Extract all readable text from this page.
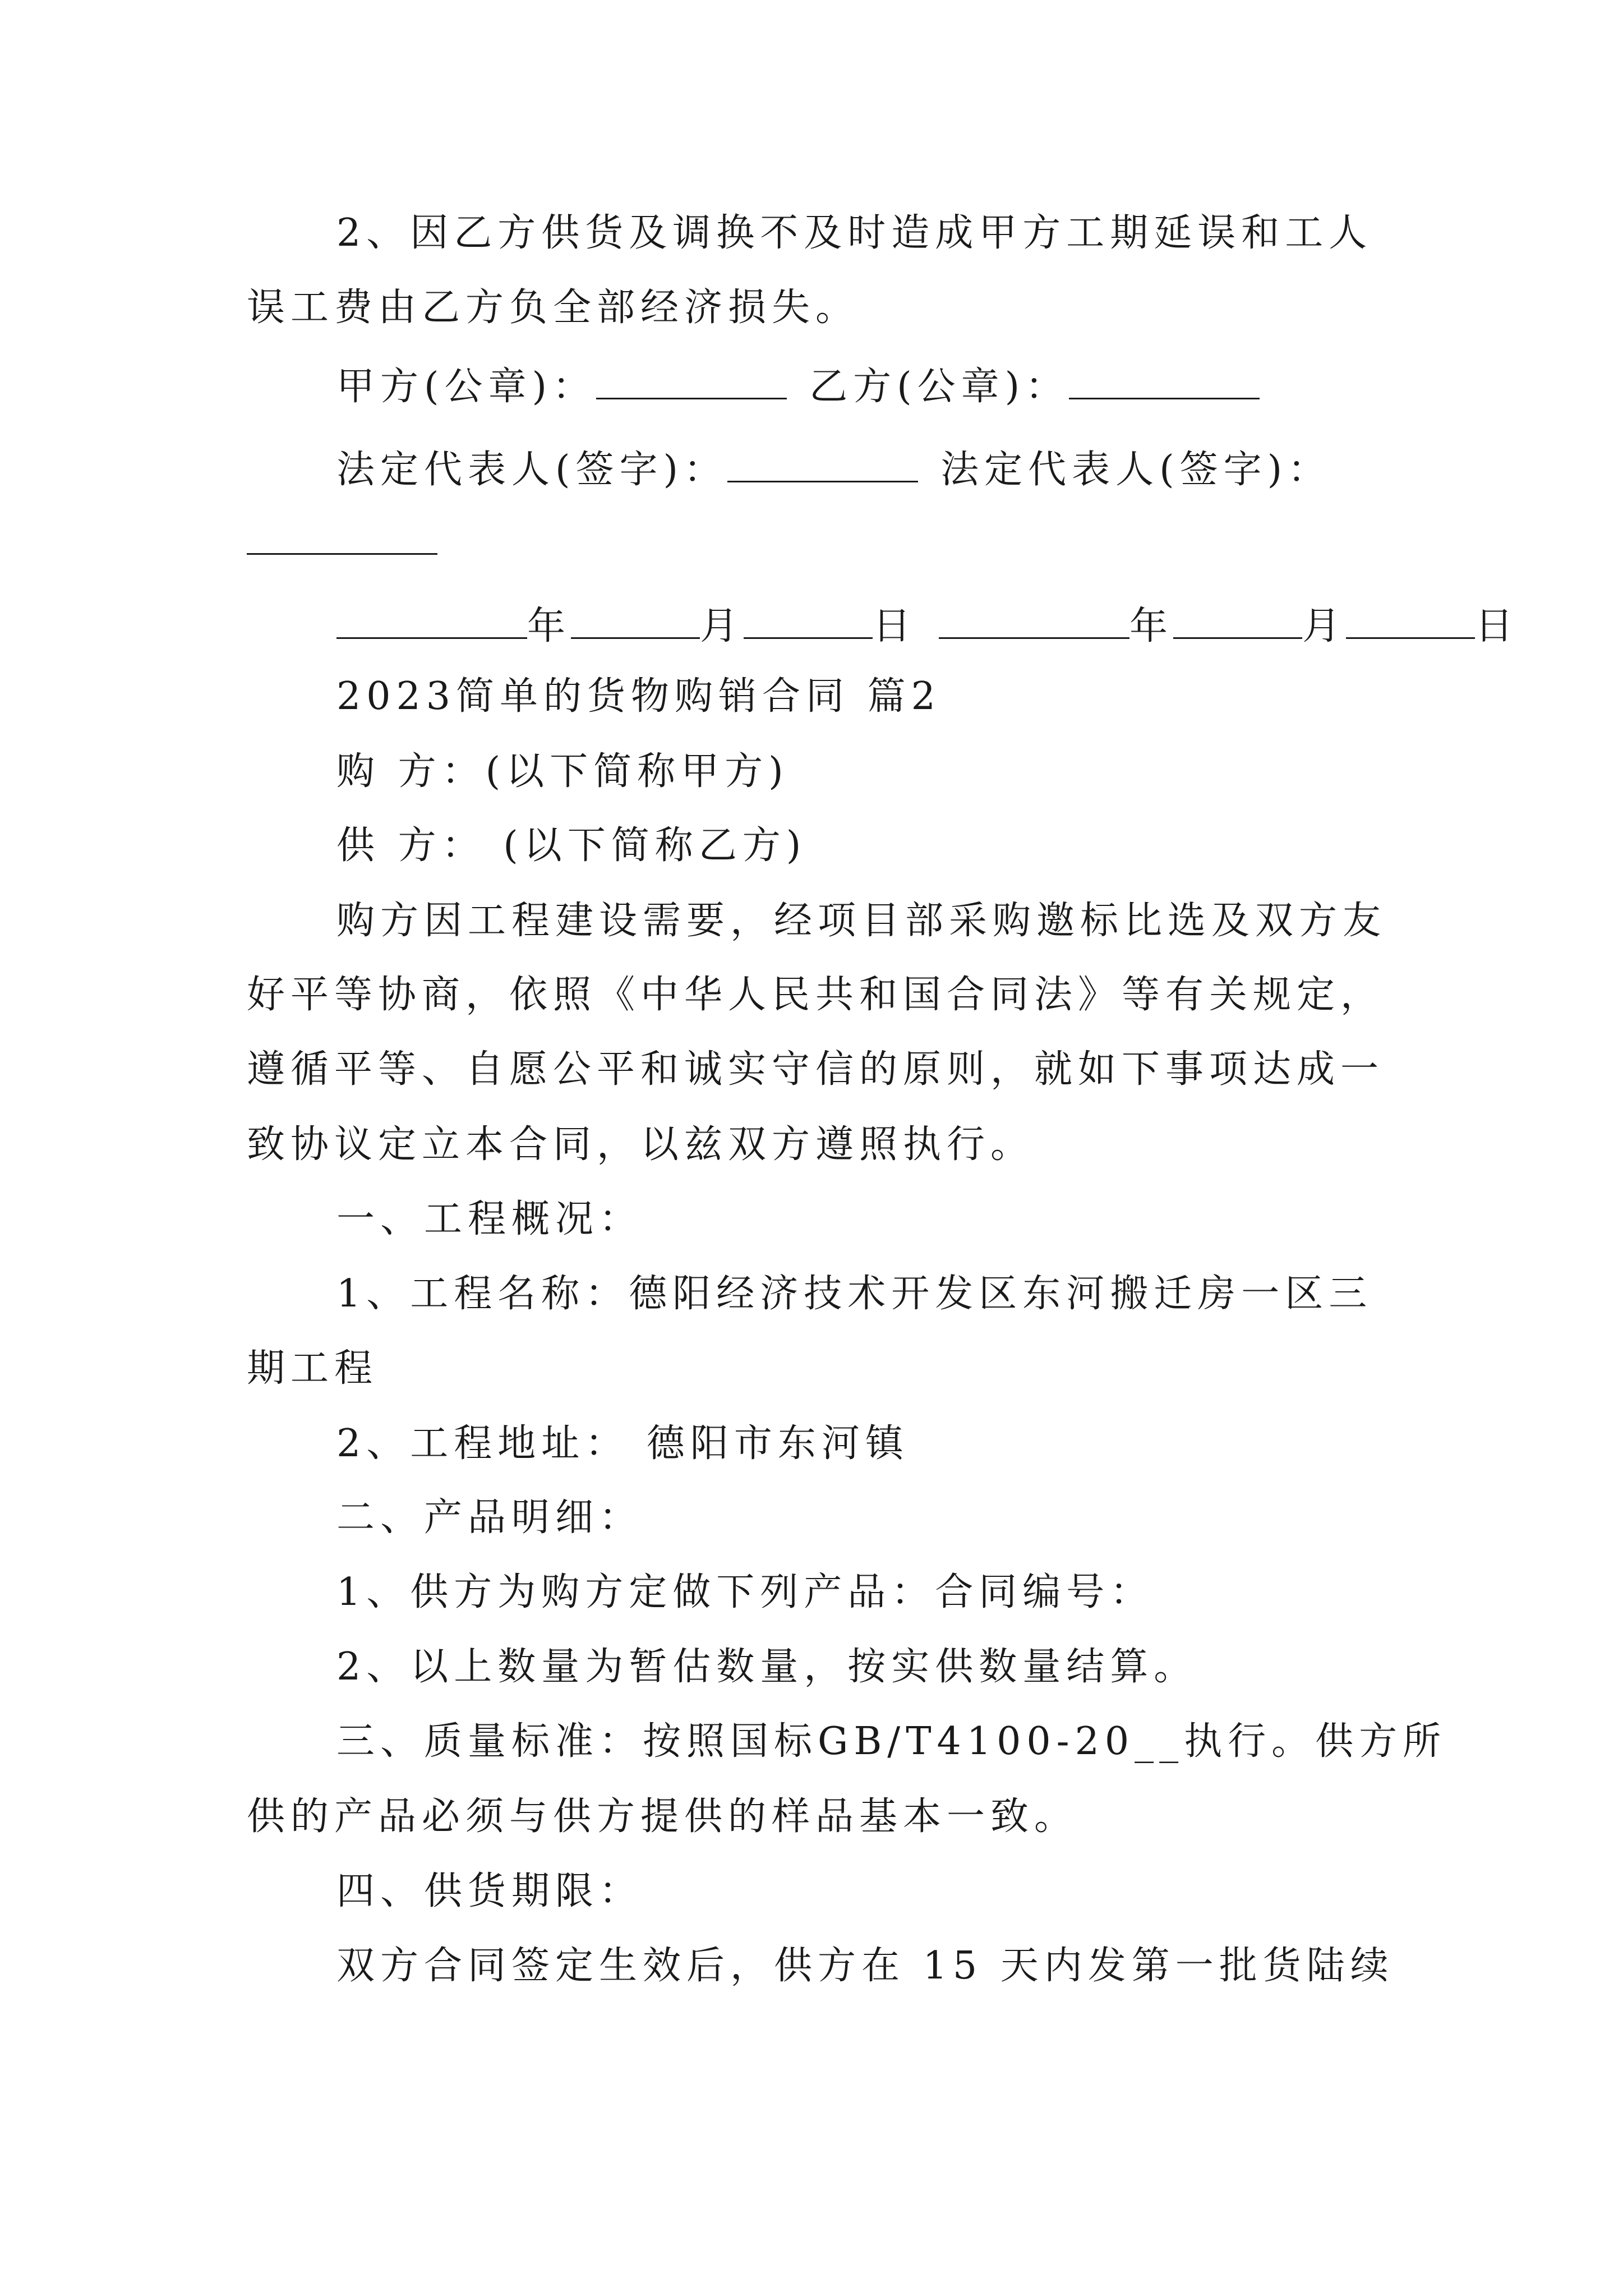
2、因乙方供货及调换不及时造成甲方工期延误和工人

误工费由乙方负全部经济损失。

甲方(公章)：	乙方(公章)：
法定代表人(签字)：	法定代表人(签字)：
年	月	日	年	月	日

2023简单的货物购销合同 篇2

购 方：(以下简称甲方)

供 方： (以下简称乙方)

购方因工程建设需要，经项目部采购邀标比选及双方友

好平等协商，依照《中华人民共和国合同法》等有关规定，

遵循平等、自愿公平和诚实守信的原则，就如下事项达成一

致协议定立本合同，以兹双方遵照执行。

一、工程概况：

1、工程名称：德阳经济技术开发区东河搬迁房一区三

期工程

2、工程地址： 德阳市东河镇

二、产品明细：

1、供方为购方定做下列产品：合同编号：

2、以上数量为暂估数量，按实供数量结算。

三、质量标准：按照国标GB/T4100-20__执行。供方所

供的产品必须与供方提供的样品基本一致。

四、供货期限：

双方合同签定生效后，供方在 15 天内发第一批货陆续
